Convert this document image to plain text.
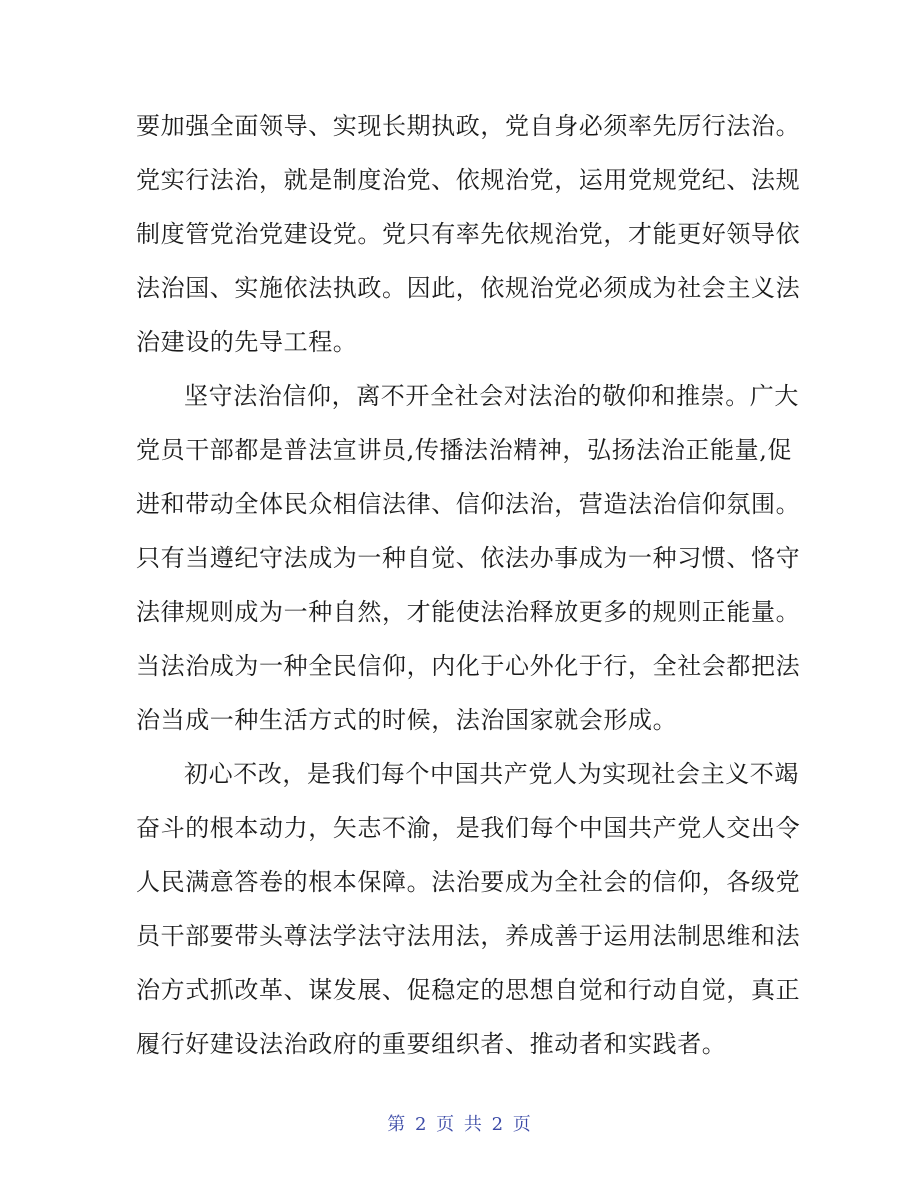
要加强全面领导、实现长期执政，党自身必须率先厉行法治。
党实行法治，就是制度治党、依规治党，运用党规党纪、法规
制度管党治党建设党。党只有率先依规治党，才能更好领导依
法治国、实施依法执政。因此，依规治党必须成为社会主义法
治建设的先导工程。
坚守法治信仰，离不开全社会对法治的敬仰和推崇。广大
党员干部都是普法宣讲员,传播法治精神，弘扬法治正能量,促
进和带动全体民众相信法律、信仰法治，营造法治信仰氛围。
只有当遵纪守法成为一种自觉、依法办事成为一种习惯、恪守
法律规则成为一种自然，才能使法治释放更多的规则正能量。
当法治成为一种全民信仰，内化于心外化于行，全社会都把法
治当成一种生活方式的时候，法治国家就会形成。
初心不改，是我们每个中国共产党人为实现社会主义不竭
奋斗的根本动力，矢志不渝，是我们每个中国共产党人交出令
人民满意答卷的根本保障。法治要成为全社会的信仰，各级党
员干部要带头尊法学法守法用法，养成善于运用法制思维和法
治方式抓改革、谋发展、促稳定的思想自觉和行动自觉，真正
履行好建设法治政府的重要组织者、推动者和实践者。
第 2 页 共 2 页
